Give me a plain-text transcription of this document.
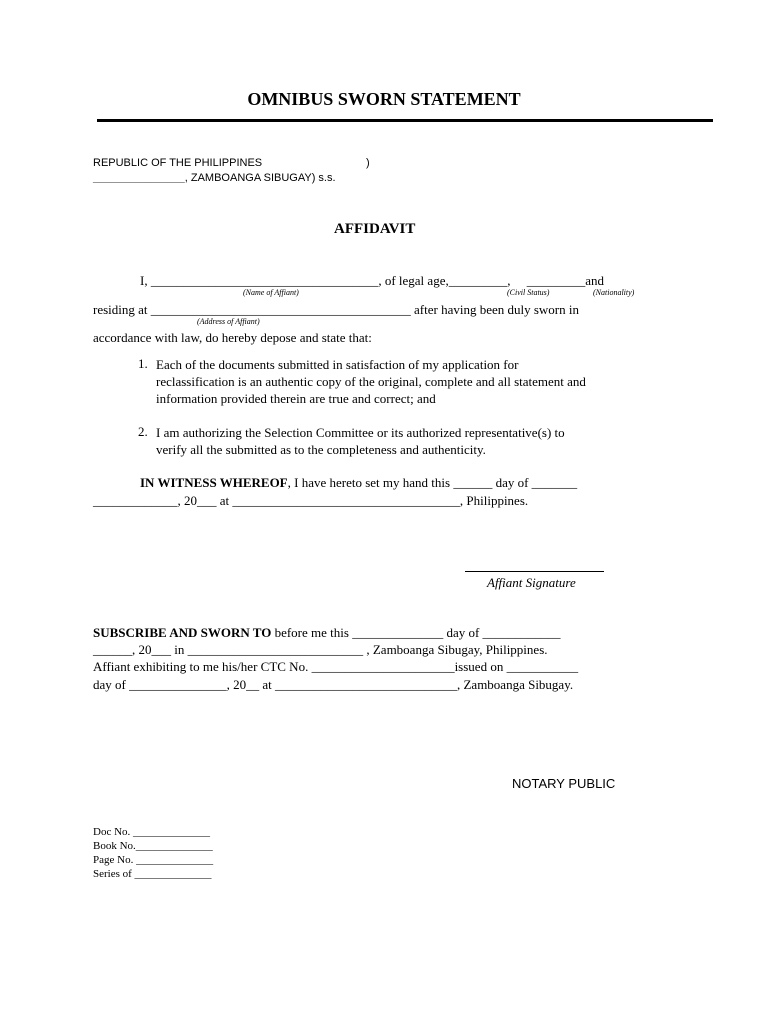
OMNIBUS SWORN STATEMENT
REPUBLIC OF THE PHILIPPINES	)
_______________, ZAMBOANGA SIBUGAY) s.s.
AFFIDAVIT
I, ___________________________________, of legal age,_________,     _________and
(Name of Affiant)	(Civil Status)	(Nationality)
residing at ________________________________________ after having been duly sworn in
(Address of Affiant)
accordance with law, do hereby depose and state that:
1. Each of the documents submitted in satisfaction of my application for
reclassification is an authentic copy of the original, complete and all statement and
information provided therein are true and correct; and
2. I am authorizing the Selection Committee or its authorized representative(s) to
verify all the submitted as to the completeness and authenticity.
IN WITNESS WHEREOF, I have hereto set my hand this ______ day of _______
_____________, 20___ at ___________________________________, Philippines.
Affiant Signature
SUBSCRIBE AND SWORN TO before me this ______________ day of ____________
______, 20___ in ___________________________ , Zamboanga Sibugay, Philippines.
Affiant exhibiting to me his/her CTC No. ______________________issued on ___________
day of _______________, 20__ at ____________________________, Zamboanga Sibugay.
NOTARY PUBLIC
Doc No. ______________
Book No.______________
Page No. ______________
Series of ______________
